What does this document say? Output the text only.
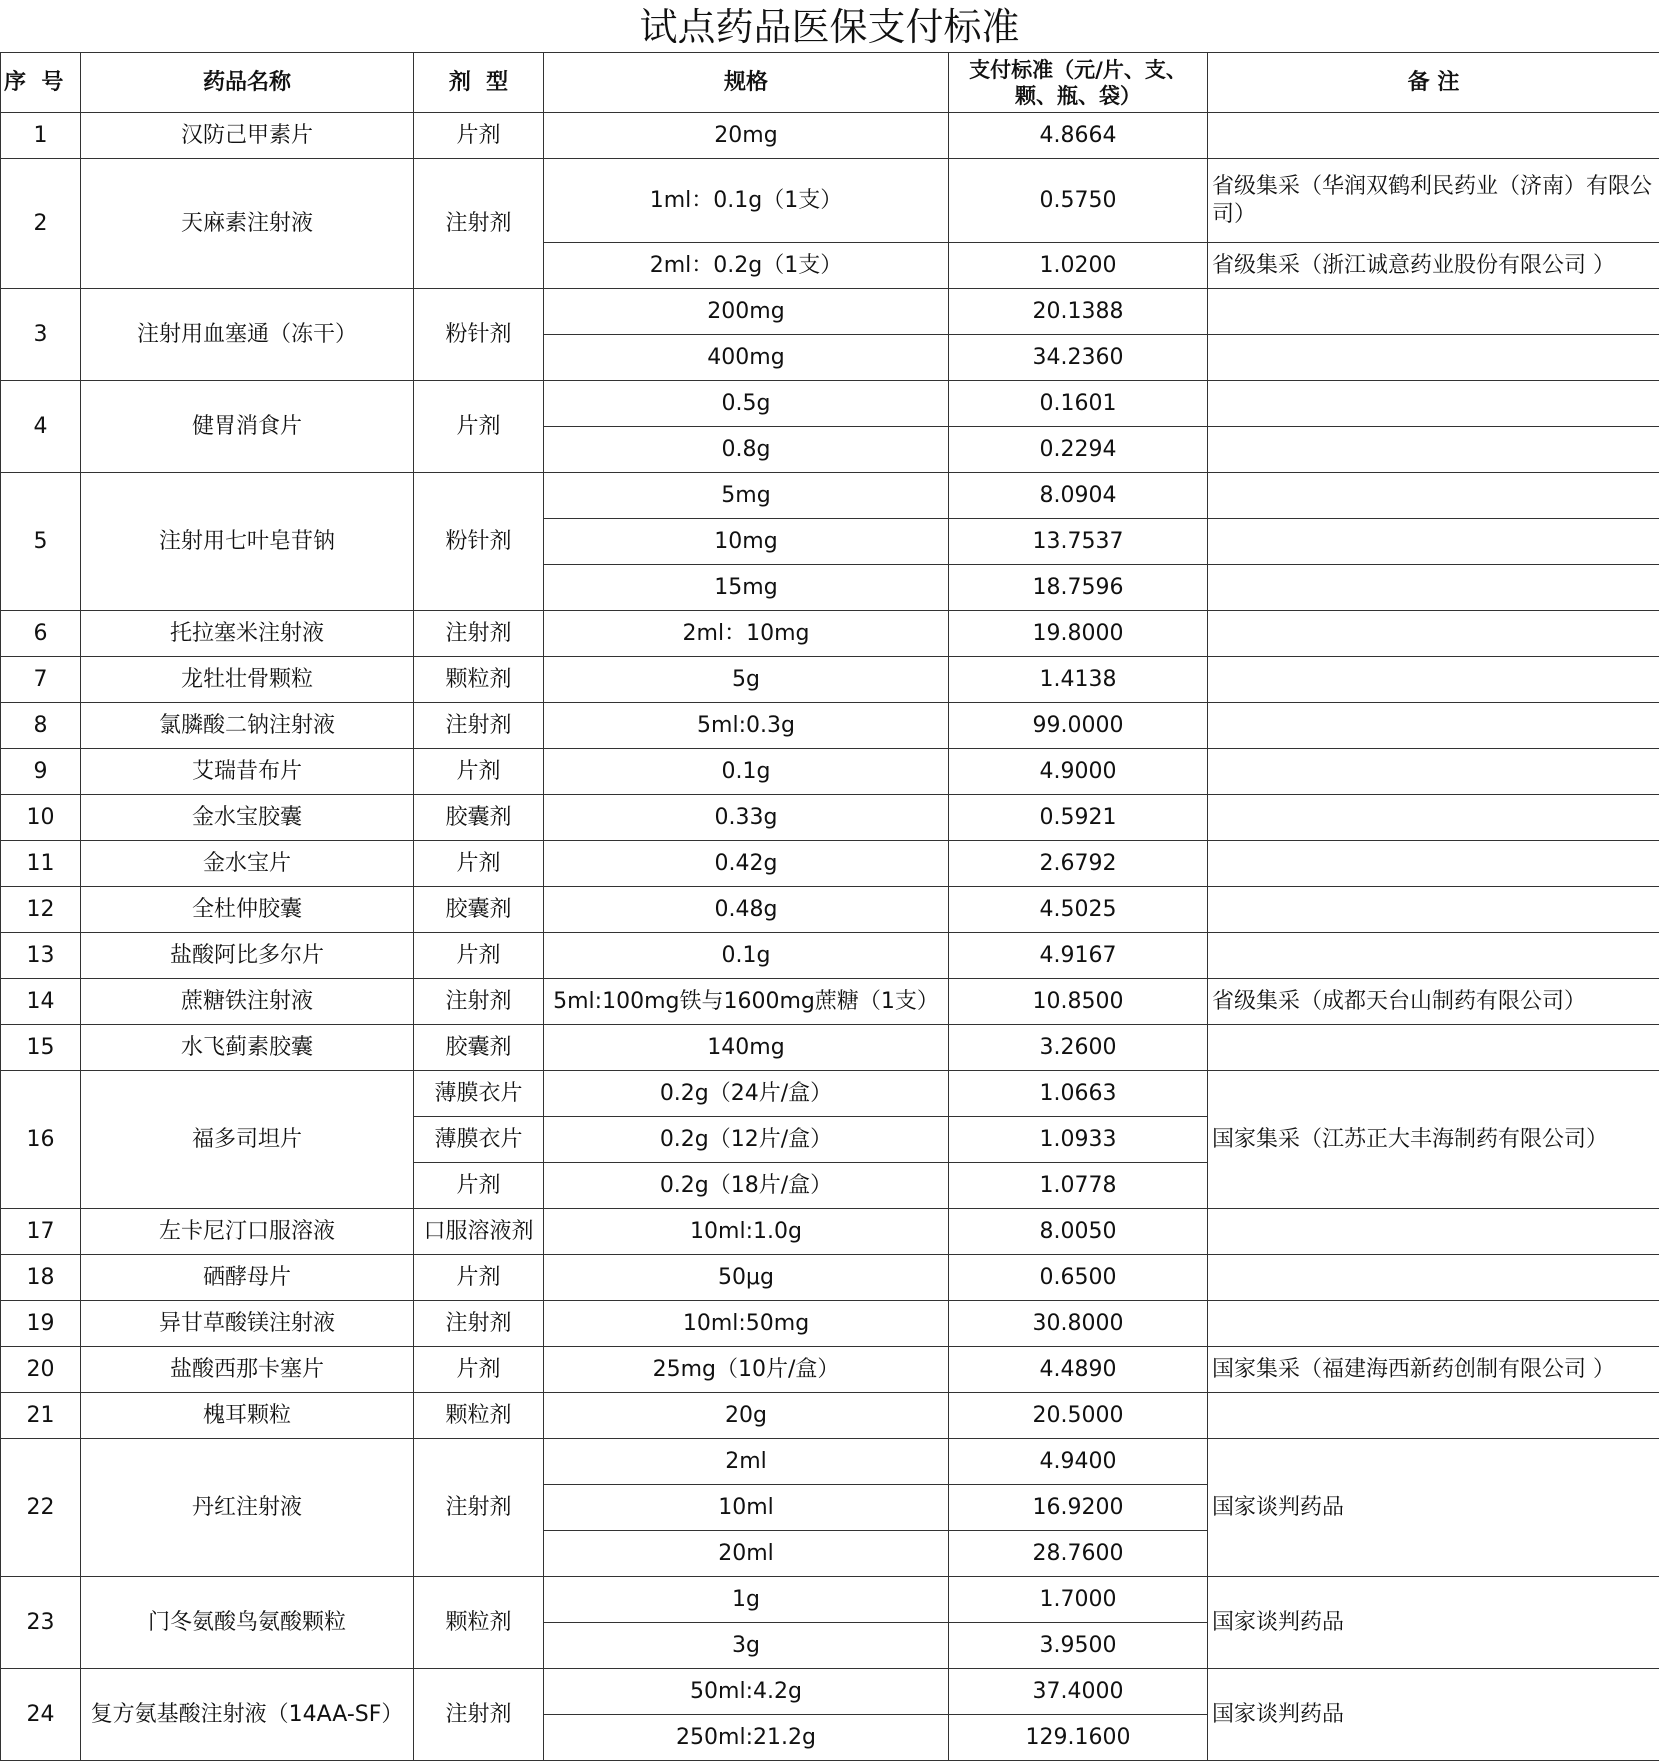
试点药品医保支付标准
序  号	药品名称	剂  型	规格	支付标准（元/片、支、颗、瓶、袋）	备 注
1	汉防己甲素片	片剂	20mg	4.8664	
2	天麻素注射液	注射剂	1ml：0.1g（1支）	0.5750	省级集采（华润双鹤利民药业（济南）有限公司）
			2ml：0.2g（1支）	1.0200	省级集采（浙江诚意药业股份有限公司 ）
3	注射用血塞通（冻干）	粉针剂	200mg	20.1388	
			400mg	34.2360	
4	健胃消食片	片剂	0.5g	0.1601	
			0.8g	0.2294	
5	注射用七叶皂苷钠	粉针剂	5mg	8.0904	
			10mg	13.7537	
			15mg	18.7596	
6	托拉塞米注射液	注射剂	2ml：10mg	19.8000	
7	龙牡壮骨颗粒	颗粒剂	5g	1.4138	
8	氯膦酸二钠注射液	注射剂	5ml:0.3g	99.0000	
9	艾瑞昔布片	片剂	0.1g	4.9000	
10	金水宝胶囊	胶囊剂	0.33g	0.5921	
11	金水宝片	片剂	0.42g	2.6792	
12	全杜仲胶囊	胶囊剂	0.48g	4.5025	
13	盐酸阿比多尔片	片剂	0.1g	4.9167	
14	蔗糖铁注射液	注射剂	5ml:100mg铁与1600mg蔗糖（1支）	10.8500	省级集采（成都天台山制药有限公司）
15	水飞蓟素胶囊	胶囊剂	140mg	3.2600	
16	福多司坦片	薄膜衣片	0.2g（24片/盒）	1.0663	国家集采（江苏正大丰海制药有限公司）
		薄膜衣片	0.2g（12片/盒）	1.0933	
		片剂	0.2g（18片/盒）	1.0778	
17	左卡尼汀口服溶液	口服溶液剂	10ml:1.0g	8.0050	
18	硒酵母片	片剂	50μg	0.6500	
19	异甘草酸镁注射液	注射剂	10ml:50mg	30.8000	
20	盐酸西那卡塞片	片剂	25mg（10片/盒）	4.4890	国家集采（福建海西新药创制有限公司 ）
21	槐耳颗粒	颗粒剂	20g	20.5000	
22	丹红注射液	注射剂	2ml	4.9400	国家谈判药品
			10ml	16.9200	
			20ml	28.7600	
23	门冬氨酸鸟氨酸颗粒	颗粒剂	1g	1.7000	国家谈判药品
			3g	3.9500	
24	复方氨基酸注射液（14AA-SF）	注射剂	50ml:4.2g	37.4000	国家谈判药品
			250ml:21.2g	129.1600	
